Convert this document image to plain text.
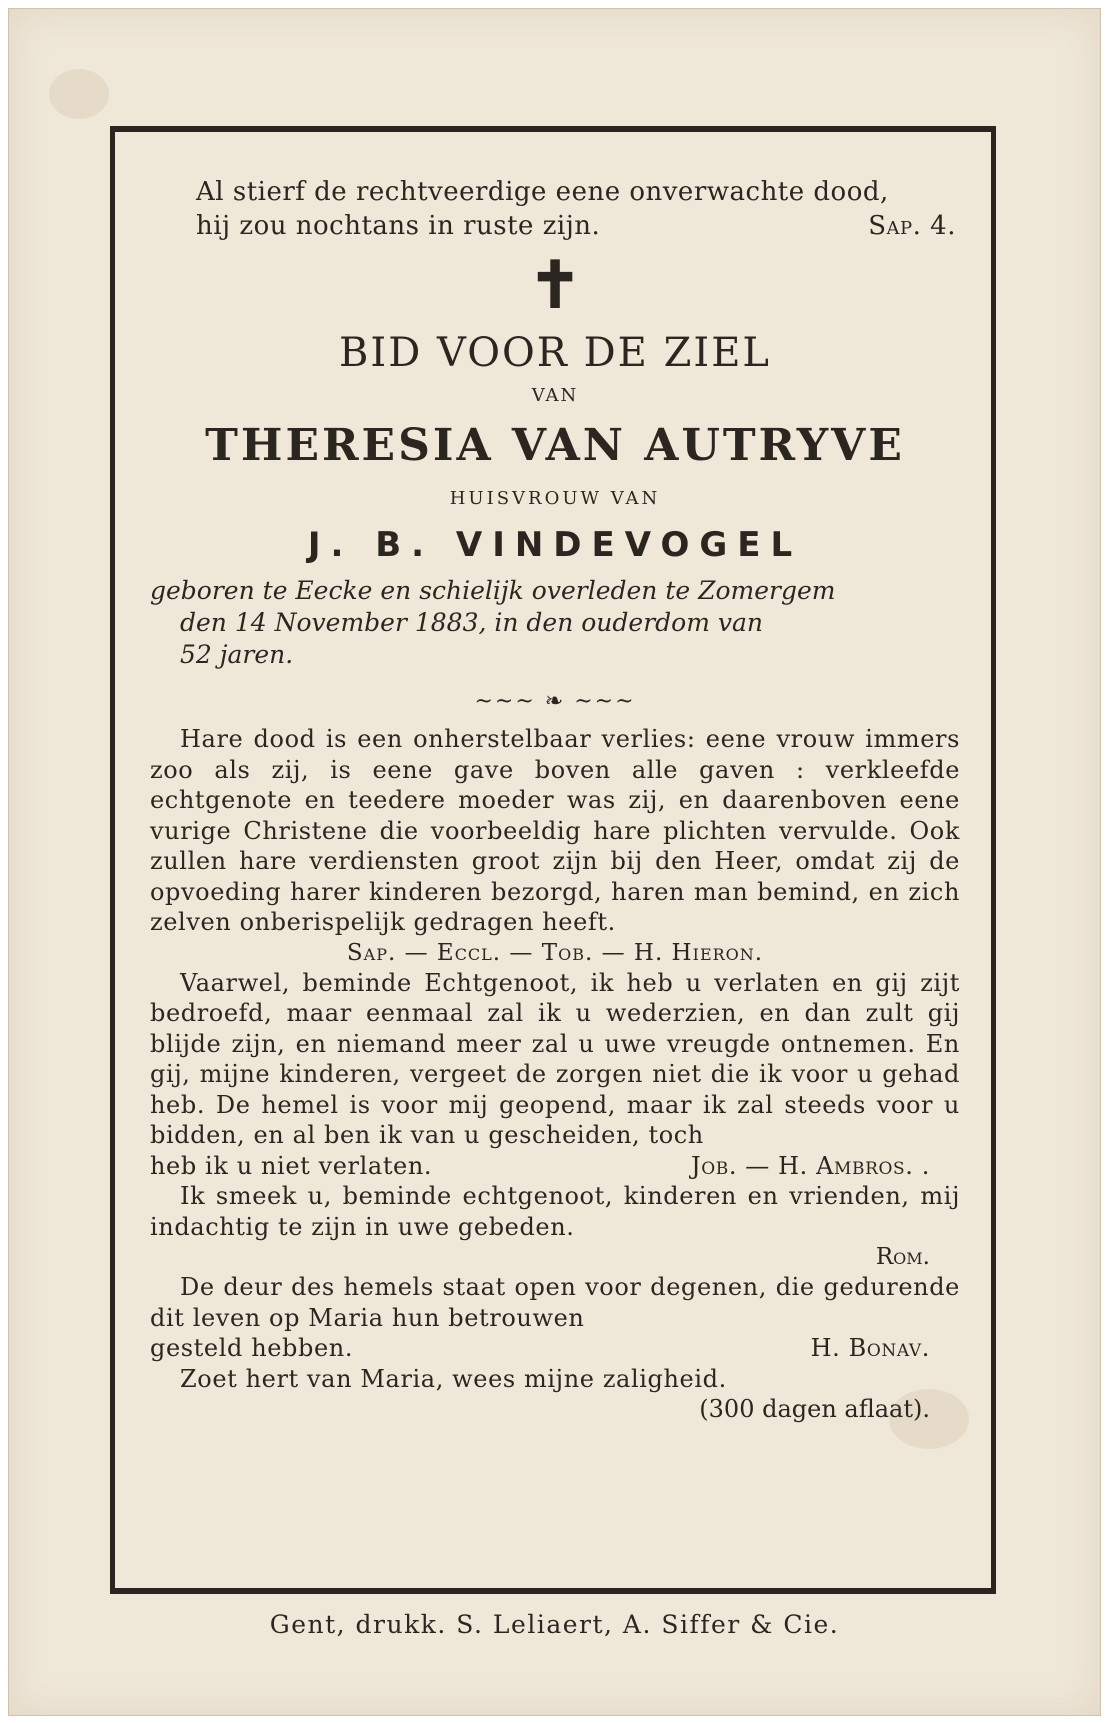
Al stierf de rechtveerdige eene onverwachte dood,
hij zou nochtans in ruste zijn.	Sap. 4.
✝
BID VOOR DE ZIEL
VAN
THERESIA VAN AUTRYVE
HUISVROUW VAN
J. B. VINDEVOGEL
geboren te Eecke en schielijk overleden te Zomergem
den 14 November 1883, in den ouderdom van
52 jaren.
~~~ ❧ ~~~
Hare dood is een onherstelbaar verlies: eene vrouw immers zoo als zij, is eene gave boven alle gaven : verkleefde echtgenote en teedere moeder was zij, en daarenboven eene vurige Christene die voorbeeldig hare plichten vervulde. Ook zullen hare verdiensten groot zijn bij den Heer, omdat zij de opvoeding harer kinderen bezorgd, haren man bemind, en zich zelven onberispelijk gedragen heeft.
Sap. — Eccl. — Tob. — H. Hieron.
Vaarwel, beminde Echtgenoot, ik heb u verlaten en gij zijt bedroefd, maar eenmaal zal ik u wederzien, en dan zult gij blijde zijn, en niemand meer zal u uwe vreugde ontnemen. En gij, mijne kinderen, vergeet de zorgen niet die ik voor u gehad heb. De hemel is voor mij geopend, maar ik zal steeds voor u bidden, en al ben ik van u gescheiden, toch
heb ik u niet verlaten.	Job. — H. Ambros. .
Ik smeek u, beminde echtgenoot, kinderen en vrienden, mij indachtig te zijn in uwe gebeden.
Rom.
De deur des hemels staat open voor degenen, die gedurende dit leven op Maria hun betrouwen
gesteld hebben.	H. Bonav.
Zoet hert van Maria, wees mijne zaligheid.
(300 dagen aflaat).
Gent, drukk. S. Leliaert, A. Siffer & Cie.
